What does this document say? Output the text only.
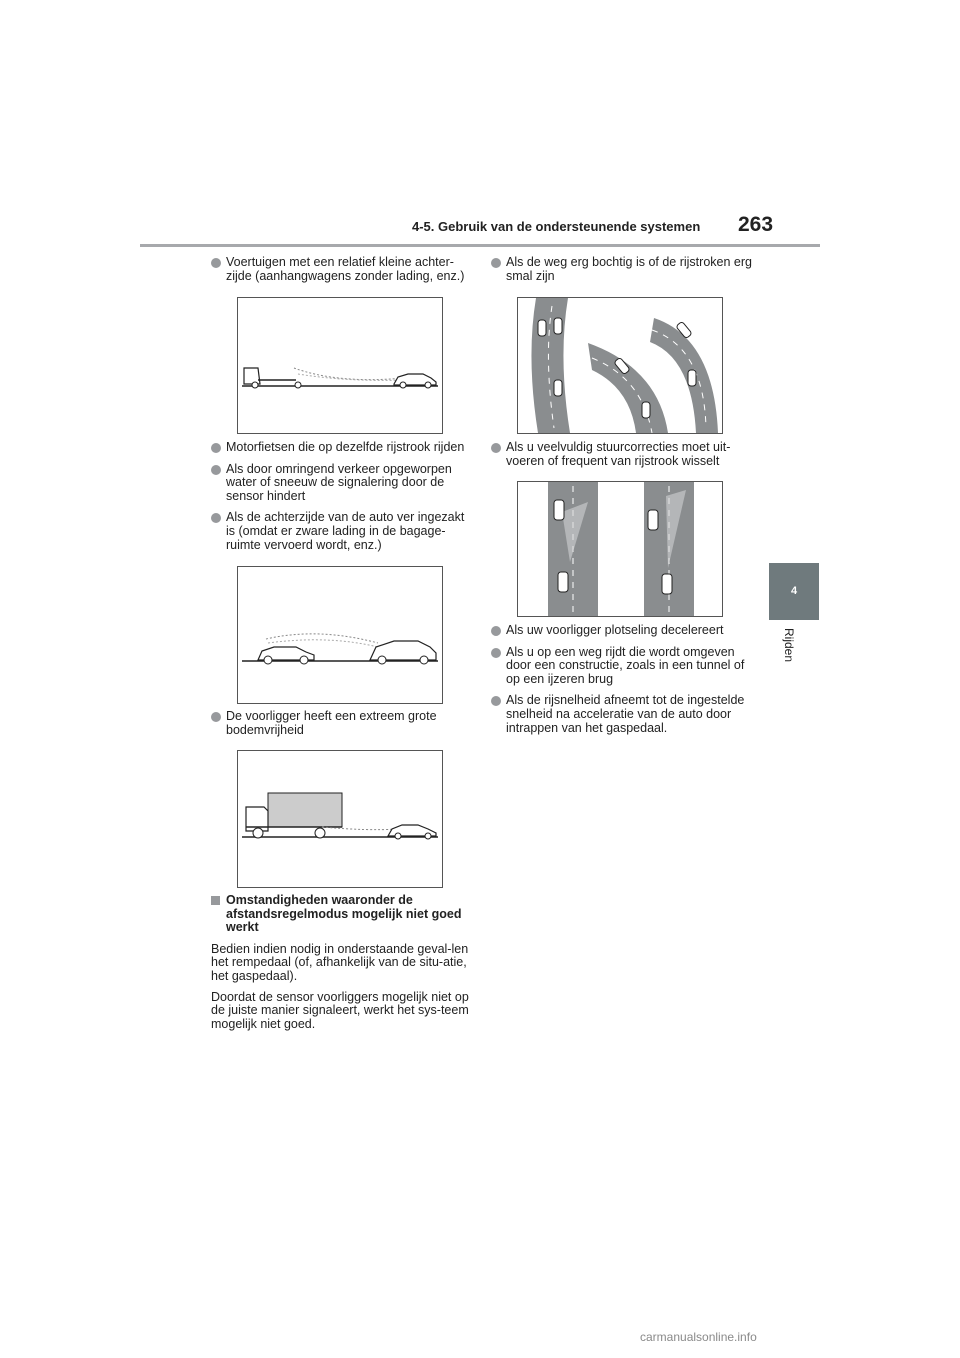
4-5. Gebruik van de ondersteunende systemen 263
4
Rijden
Voertuigen met een relatief kleine achter-zijde (aanhangwagens zonder lading, enz.)
Motorfietsen die op dezelfde rijstrook rijden
Als door omringend verkeer opgeworpen water of sneeuw de signalering door de sensor hindert
Als de achterzijde van de auto ver ingezakt is (omdat er zware lading in de bagage-ruimte vervoerd wordt, enz.)
De voorligger heeft een extreem grote bodemvrijheid
Omstandigheden waaronder de afstandsregelmodus mogelijk niet goed werkt
Bedien indien nodig in onderstaande geval-len het rempedaal (of, afhankelijk van de situ-atie, het gaspedaal).
Doordat de sensor voorliggers mogelijk niet op de juiste manier signaleert, werkt het sys-teem mogelijk niet goed.
Als de weg erg bochtig is of de rijstroken erg smal zijn
Als u veelvuldig stuurcorrecties moet uit-voeren of frequent van rijstrook wisselt
Als uw voorligger plotseling decelereert
Als u op een weg rijdt die wordt omgeven door een constructie, zoals in een tunnel of op een ijzeren brug
Als de rijsnelheid afneemt tot de ingestelde snelheid na acceleratie van de auto door intrappen van het gaspedaal.
carmanualsonline.info
